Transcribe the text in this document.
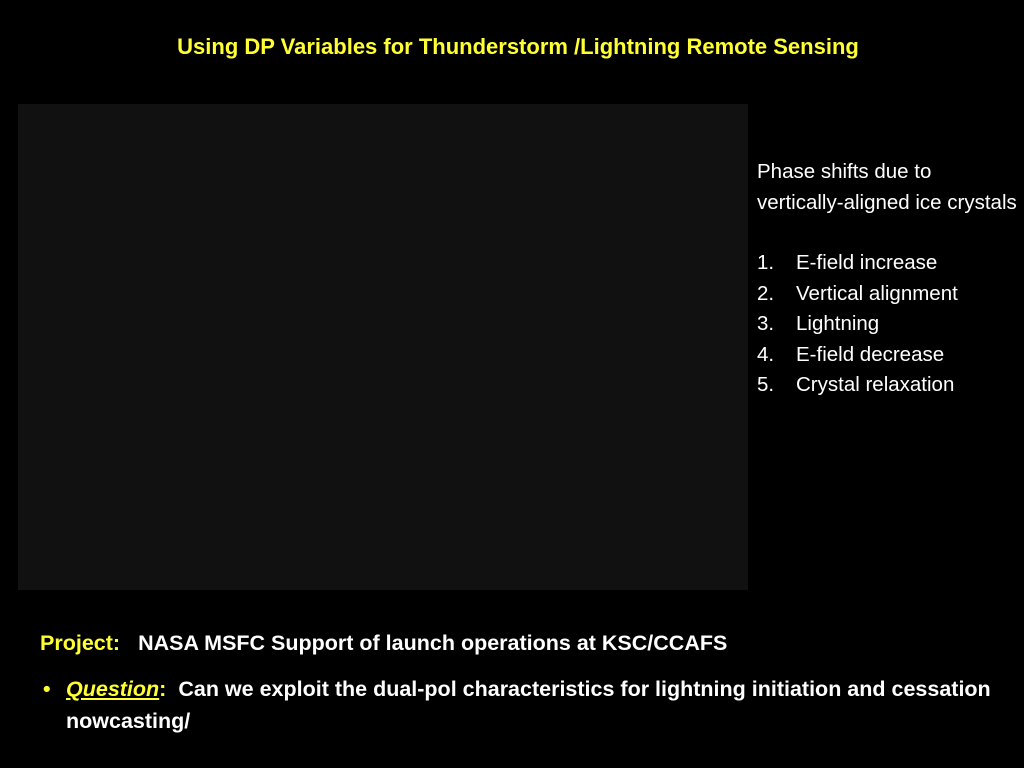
Using DP Variables for Thunderstorm /Lightning Remote Sensing

Phase shifts due to vertically-aligned ice crystals

1.	E-field increase
2.	Vertical alignment
3.	Lightning
4.	E-field decrease
5.	Crystal relaxation
Project: NASA MSFC Support of launch operations at KSC/CCAFS
• Question: Can we exploit the dual-pol characteristics for lightning initiation and cessation nowcasting/
